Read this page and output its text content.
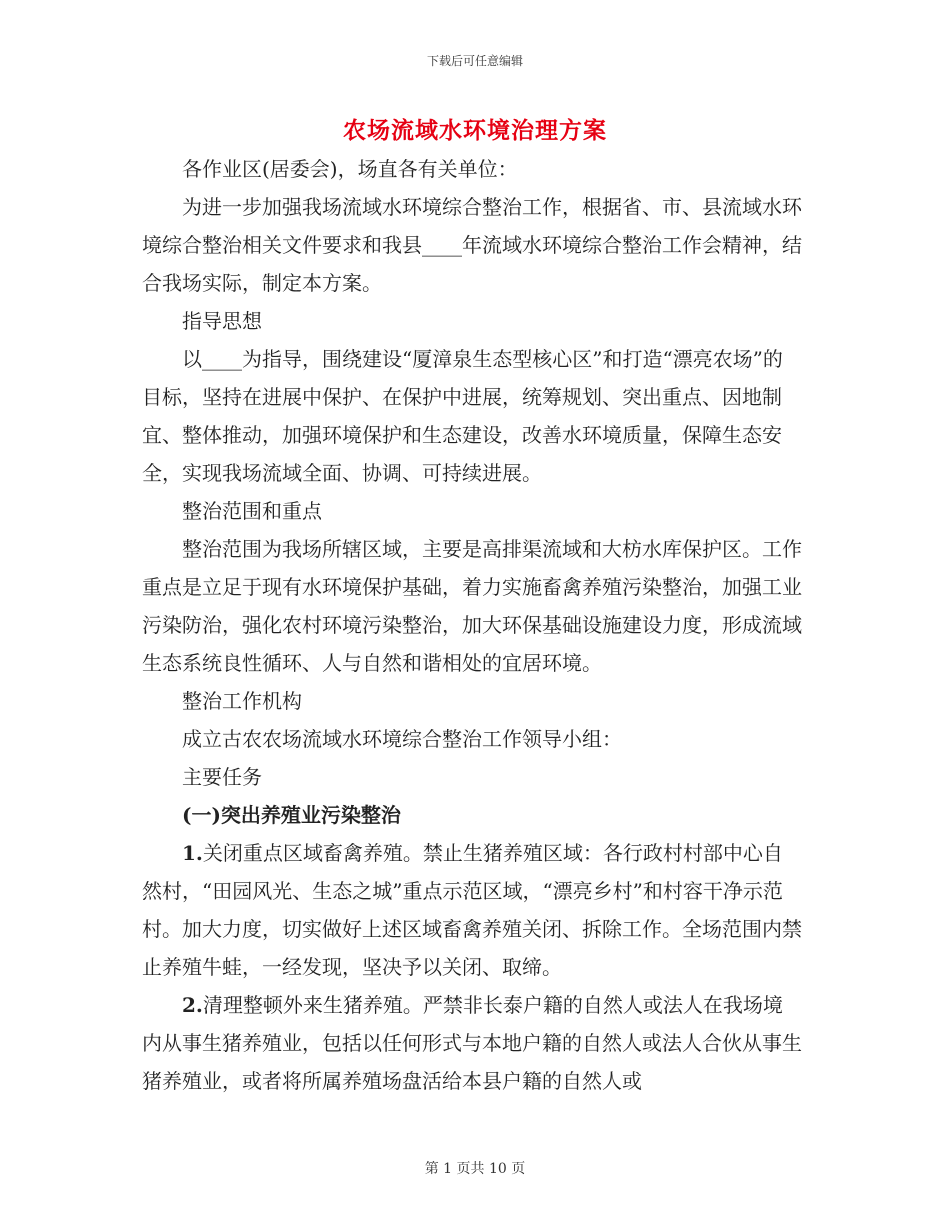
下载后可任意编辑
农场流域水环境治理方案

各作业区(居委会)，场直各有关单位：

为进一步加强我场流域水环境综合整治工作，根据省、市、县流域水环境综合整治相关文件要求和我县____年流域水环境综合整治工作会精神，结合我场实际，制定本方案。

指导思想

以____为指导，围绕建设“厦漳泉生态型核心区”和打造“漂亮农场”的目标，坚持在进展中保护、在保护中进展，统筹规划、突出重点、因地制宜、整体推动，加强环境保护和生态建设，改善水环境质量，保障生态安全，实现我场流域全面、协调、可持续进展。

整治范围和重点

整治范围为我场所辖区域，主要是高排渠流域和大枋水库保护区。工作重点是立足于现有水环境保护基础，着力实施畜禽养殖污染整治，加强工业污染防治，强化农村环境污染整治，加大环保基础设施建设力度，形成流域生态系统良性循环、人与自然和谐相处的宜居环境。

整治工作机构

成立古农农场流域水环境综合整治工作领导小组：

主要任务

(一)突出养殖业污染整治

1.关闭重点区域畜禽养殖。禁止生猪养殖区域：各行政村村部中心自然村，“田园风光、生态之城”重点示范区域，“漂亮乡村”和村容干净示范村。加大力度，切实做好上述区域畜禽养殖关闭、拆除工作。全场范围内禁止养殖牛蛙，一经发现，坚决予以关闭、取缔。

2.清理整顿外来生猪养殖。严禁非长泰户籍的自然人或法人在我场境内从事生猪养殖业，包括以任何形式与本地户籍的自然人或法人合伙从事生猪养殖业，或者将所属养殖场盘活给本县户籍的自然人或

第 1 页共 10 页
